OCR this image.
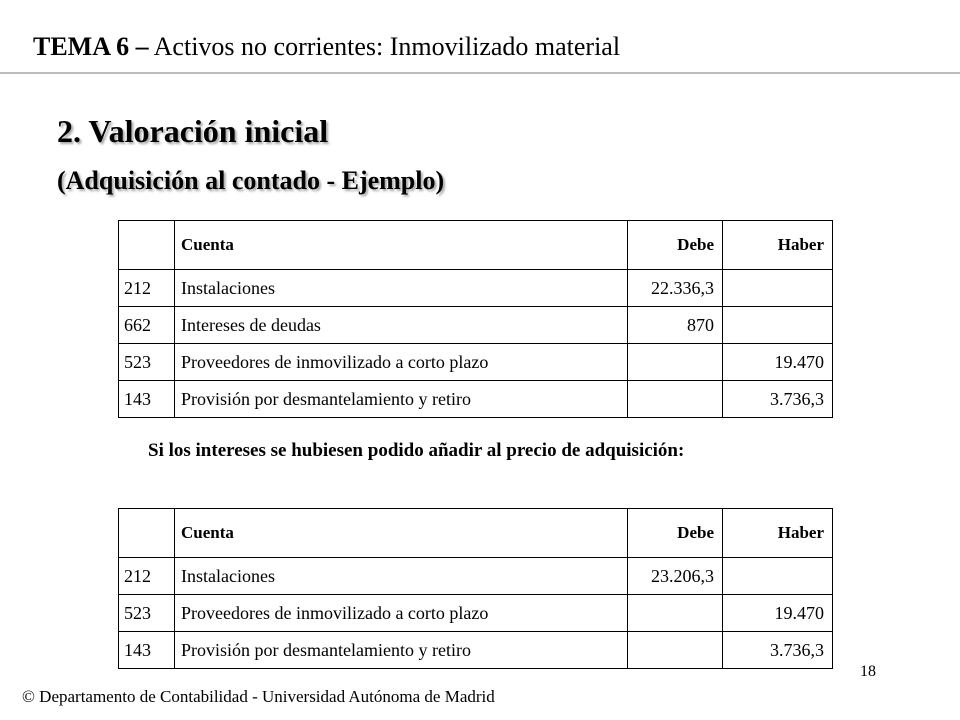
TEMA 6 – Activos no corrientes: Inmovilizado material
2. Valoración inicial
(Adquisición al contado - Ejemplo)
	Cuenta	Debe	Haber
212	Instalaciones	22.336,3	
662	Intereses de deudas	870	
523	Proveedores de inmovilizado a corto plazo		19.470
143	Provisión por desmantelamiento y retiro		3.736,3
Si los intereses se hubiesen podido añadir al precio de adquisición:
	Cuenta	Debe	Haber
212	Instalaciones	23.206,3	
523	Proveedores de inmovilizado a corto plazo		19.470
143	Provisión por desmantelamiento y retiro		3.736,3
18
© Departamento de Contabilidad - Universidad Autónoma de Madrid
